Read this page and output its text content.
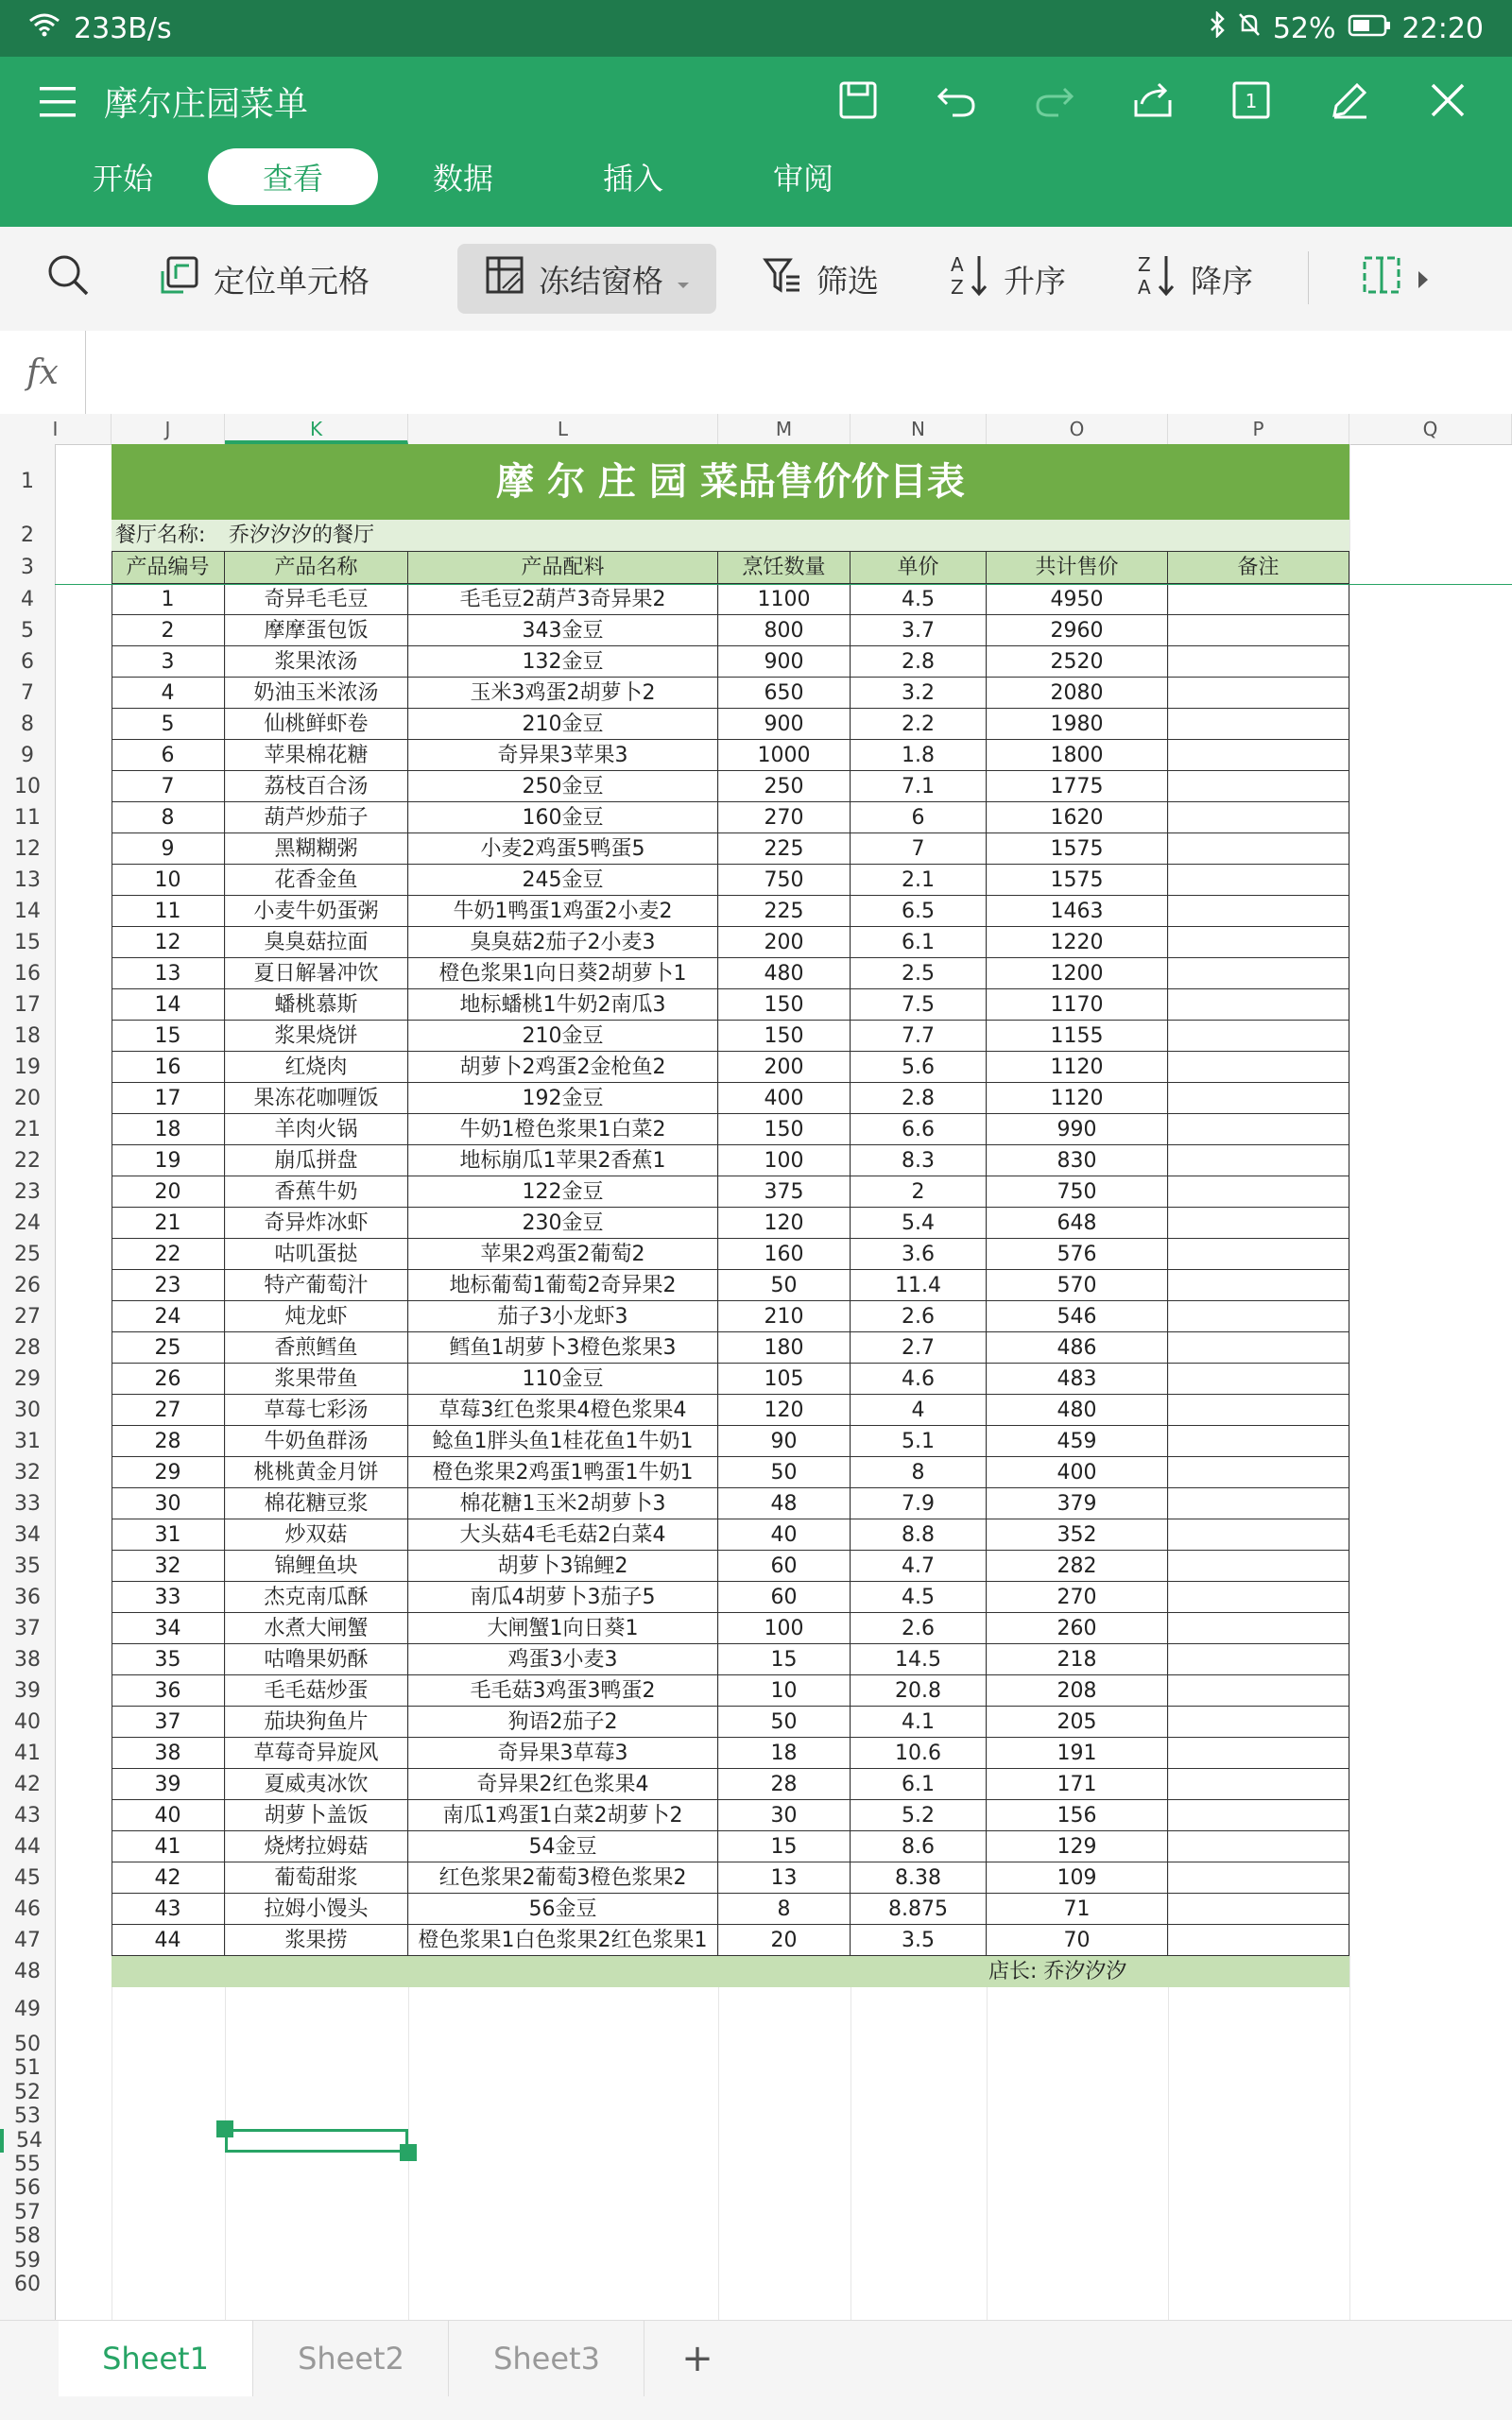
233B/s	52% 22:20
摩尔庄园菜单	1
开始	查看	数据	插入	审阅
定位单元格	冻结窗格	筛选	A
Z 升序	Z
A 降序
fx
I	J	K	L	M	N	O	P	Q
1
2
3
4
5
6
7
8
9
10
11
12
13
14
15
16
17
18
19
20
21
22
23
24
25
26
27
28
29
30
31
32
33
34
35
36
37
38
39
40
41
42
43
44
45
46
47
48
49
50
51
52
53
54
55
56
57
58
59
60
摩 尔 庄 园 菜品售价价目表
餐厅名称: 乔汐汐汐的餐厅
产品编号	产品名称	产品配料	烹饪数量	单价	共计售价	备注
1	奇异毛毛豆	毛毛豆2葫芦3奇异果2	1100	4.5	4950
2	摩摩蛋包饭	343金豆	800	3.7	2960
3	浆果浓汤	132金豆	900	2.8	2520
4	奶油玉米浓汤	玉米3鸡蛋2胡萝卜2	650	3.2	2080
5	仙桃鲜虾卷	210金豆	900	2.2	1980
6	苹果棉花糖	奇异果3苹果3	1000	1.8	1800
7	荔枝百合汤	250金豆	250	7.1	1775
8	葫芦炒茄子	160金豆	270	6	1620
9	黑糊糊粥	小麦2鸡蛋5鸭蛋5	225	7	1575
10	花香金鱼	245金豆	750	2.1	1575
11	小麦牛奶蛋粥	牛奶1鸭蛋1鸡蛋2小麦2	225	6.5	1463
12	臭臭菇拉面	臭臭菇2茄子2小麦3	200	6.1	1220
13	夏日解暑冲饮	橙色浆果1向日葵2胡萝卜1	480	2.5	1200
14	蟠桃慕斯	地标蟠桃1牛奶2南瓜3	150	7.5	1170
15	浆果烧饼	210金豆	150	7.7	1155
16	红烧肉	胡萝卜2鸡蛋2金枪鱼2	200	5.6	1120
17	果冻花咖喱饭	192金豆	400	2.8	1120
18	羊肉火锅	牛奶1橙色浆果1白菜2	150	6.6	990
19	崩瓜拼盘	地标崩瓜1苹果2香蕉1	100	8.3	830
20	香蕉牛奶	122金豆	375	2	750
21	奇异炸冰虾	230金豆	120	5.4	648
22	咕叽蛋挞	苹果2鸡蛋2葡萄2	160	3.6	576
23	特产葡萄汁	地标葡萄1葡萄2奇异果2	50	11.4	570
24	炖龙虾	茄子3小龙虾3	210	2.6	546
25	香煎鳕鱼	鳕鱼1胡萝卜3橙色浆果3	180	2.7	486
26	浆果带鱼	110金豆	105	4.6	483
27	草莓七彩汤	草莓3红色浆果4橙色浆果4	120	4	480
28	牛奶鱼群汤	鲶鱼1胖头鱼1桂花鱼1牛奶1	90	5.1	459
29	桃桃黄金月饼	橙色浆果2鸡蛋1鸭蛋1牛奶1	50	8	400
30	棉花糖豆浆	棉花糖1玉米2胡萝卜3	48	7.9	379
31	炒双菇	大头菇4毛毛菇2白菜4	40	8.8	352
32	锦鲤鱼块	胡萝卜3锦鲤2	60	4.7	282
33	杰克南瓜酥	南瓜4胡萝卜3茄子5	60	4.5	270
34	水煮大闸蟹	大闸蟹1向日葵1	100	2.6	260
35	咕噜果奶酥	鸡蛋3小麦3	15	14.5	218
36	毛毛菇炒蛋	毛毛菇3鸡蛋3鸭蛋2	10	20.8	208
37	茄块狗鱼片	狗语2茄子2	50	4.1	205
38	草莓奇异旋风	奇异果3草莓3	18	10.6	191
39	夏威夷冰饮	奇异果2红色浆果4	28	6.1	171
40	胡萝卜盖饭	南瓜1鸡蛋1白菜2胡萝卜2	30	5.2	156
41	烧烤拉姆菇	54金豆	15	8.6	129
42	葡萄甜浆	红色浆果2葡萄3橙色浆果2	13	8.38	109
43	拉姆小馒头	56金豆	8	8.875	71
44	浆果捞	橙色浆果1白色浆果2红色浆果1	20	3.5	70
店长: 乔汐汐汐
Sheet1	Sheet2	Sheet3	+
